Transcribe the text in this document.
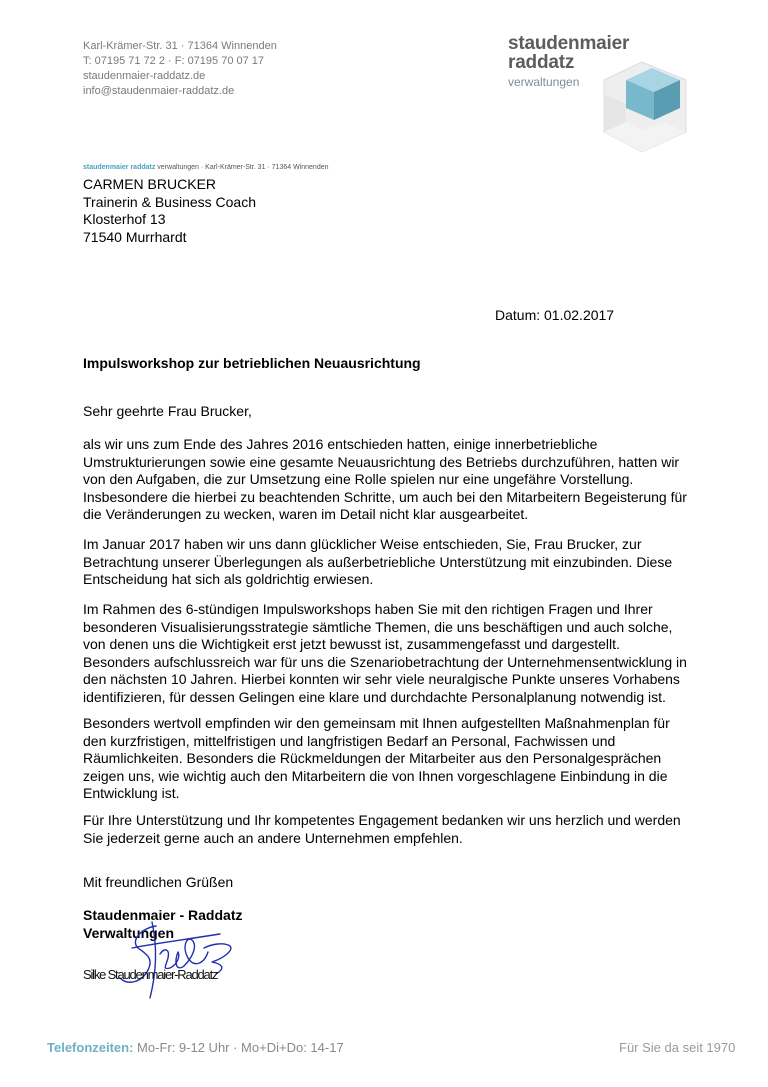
Karl-Krämer-Str. 31 · 71364 Winnenden
T: 07195 71 72 2 · F: 07195 70 07 17
staudenmaier-raddatz.de
info@staudenmaier-raddatz.de
staudenmaier
raddatz
verwaltungen
staudenmaier raddatz verwaltungen · Karl-Krämer-Str. 31 · 71364 Winnenden
CARMEN BRUCKER
Trainerin & Business Coach
Klosterhof 13
71540 Murrhardt
Datum: 01.02.2017
Impulsworkshop zur betrieblichen Neuausrichtung
Sehr geehrte Frau Brucker,
als wir uns zum Ende des Jahres 2016 entschieden hatten, einige innerbetriebliche
Umstrukturierungen sowie eine gesamte Neuausrichtung des Betriebs durchzuführen, hatten wir
von den Aufgaben, die zur Umsetzung eine Rolle spielen nur eine ungefähre Vorstellung.
Insbesondere die hierbei zu beachtenden Schritte, um auch bei den Mitarbeitern Begeisterung für
die Veränderungen zu wecken, waren im Detail nicht klar ausgearbeitet.
Im Januar 2017 haben wir uns dann glücklicher Weise entschieden, Sie, Frau Brucker, zur
Betrachtung unserer Überlegungen als außerbetriebliche Unterstützung mit einzubinden. Diese
Entscheidung hat sich als goldrichtig erwiesen.
Im Rahmen des 6-stündigen Impulsworkshops haben Sie mit den richtigen Fragen und Ihrer
besonderen Visualisierungsstrategie sämtliche Themen, die uns beschäftigen und auch solche,
von denen uns die Wichtigkeit erst jetzt bewusst ist, zusammengefasst und dargestellt.
Besonders aufschlussreich war für uns die Szenariobetrachtung der Unternehmensentwicklung in
den nächsten 10 Jahren. Hierbei konnten wir sehr viele neuralgische Punkte unseres Vorhabens
identifizieren, für dessen Gelingen eine klare und durchdachte Personalplanung notwendig ist.
Besonders wertvoll empfinden wir den gemeinsam mit Ihnen aufgestellten Maßnahmenplan für
den kurzfristigen, mittelfristigen und langfristigen Bedarf an Personal, Fachwissen und
Räumlichkeiten. Besonders die Rückmeldungen der Mitarbeiter aus den Personalgesprächen
zeigen uns, wie wichtig auch den Mitarbeitern die von Ihnen vorgeschlagene Einbindung in die
Entwicklung ist.
Für Ihre Unterstützung und Ihr kompetentes Engagement bedanken wir uns herzlich und werden
Sie jederzeit gerne auch an andere Unternehmen empfehlen.
Mit freundlichen Grüßen
Staudenmaier - Raddatz
Verwaltungen
Silke Staudenmaier-Raddatz
Telefonzeiten: Mo-Fr: 9-12 Uhr · Mo+Di+Do: 14-17	Für Sie da seit 1970
